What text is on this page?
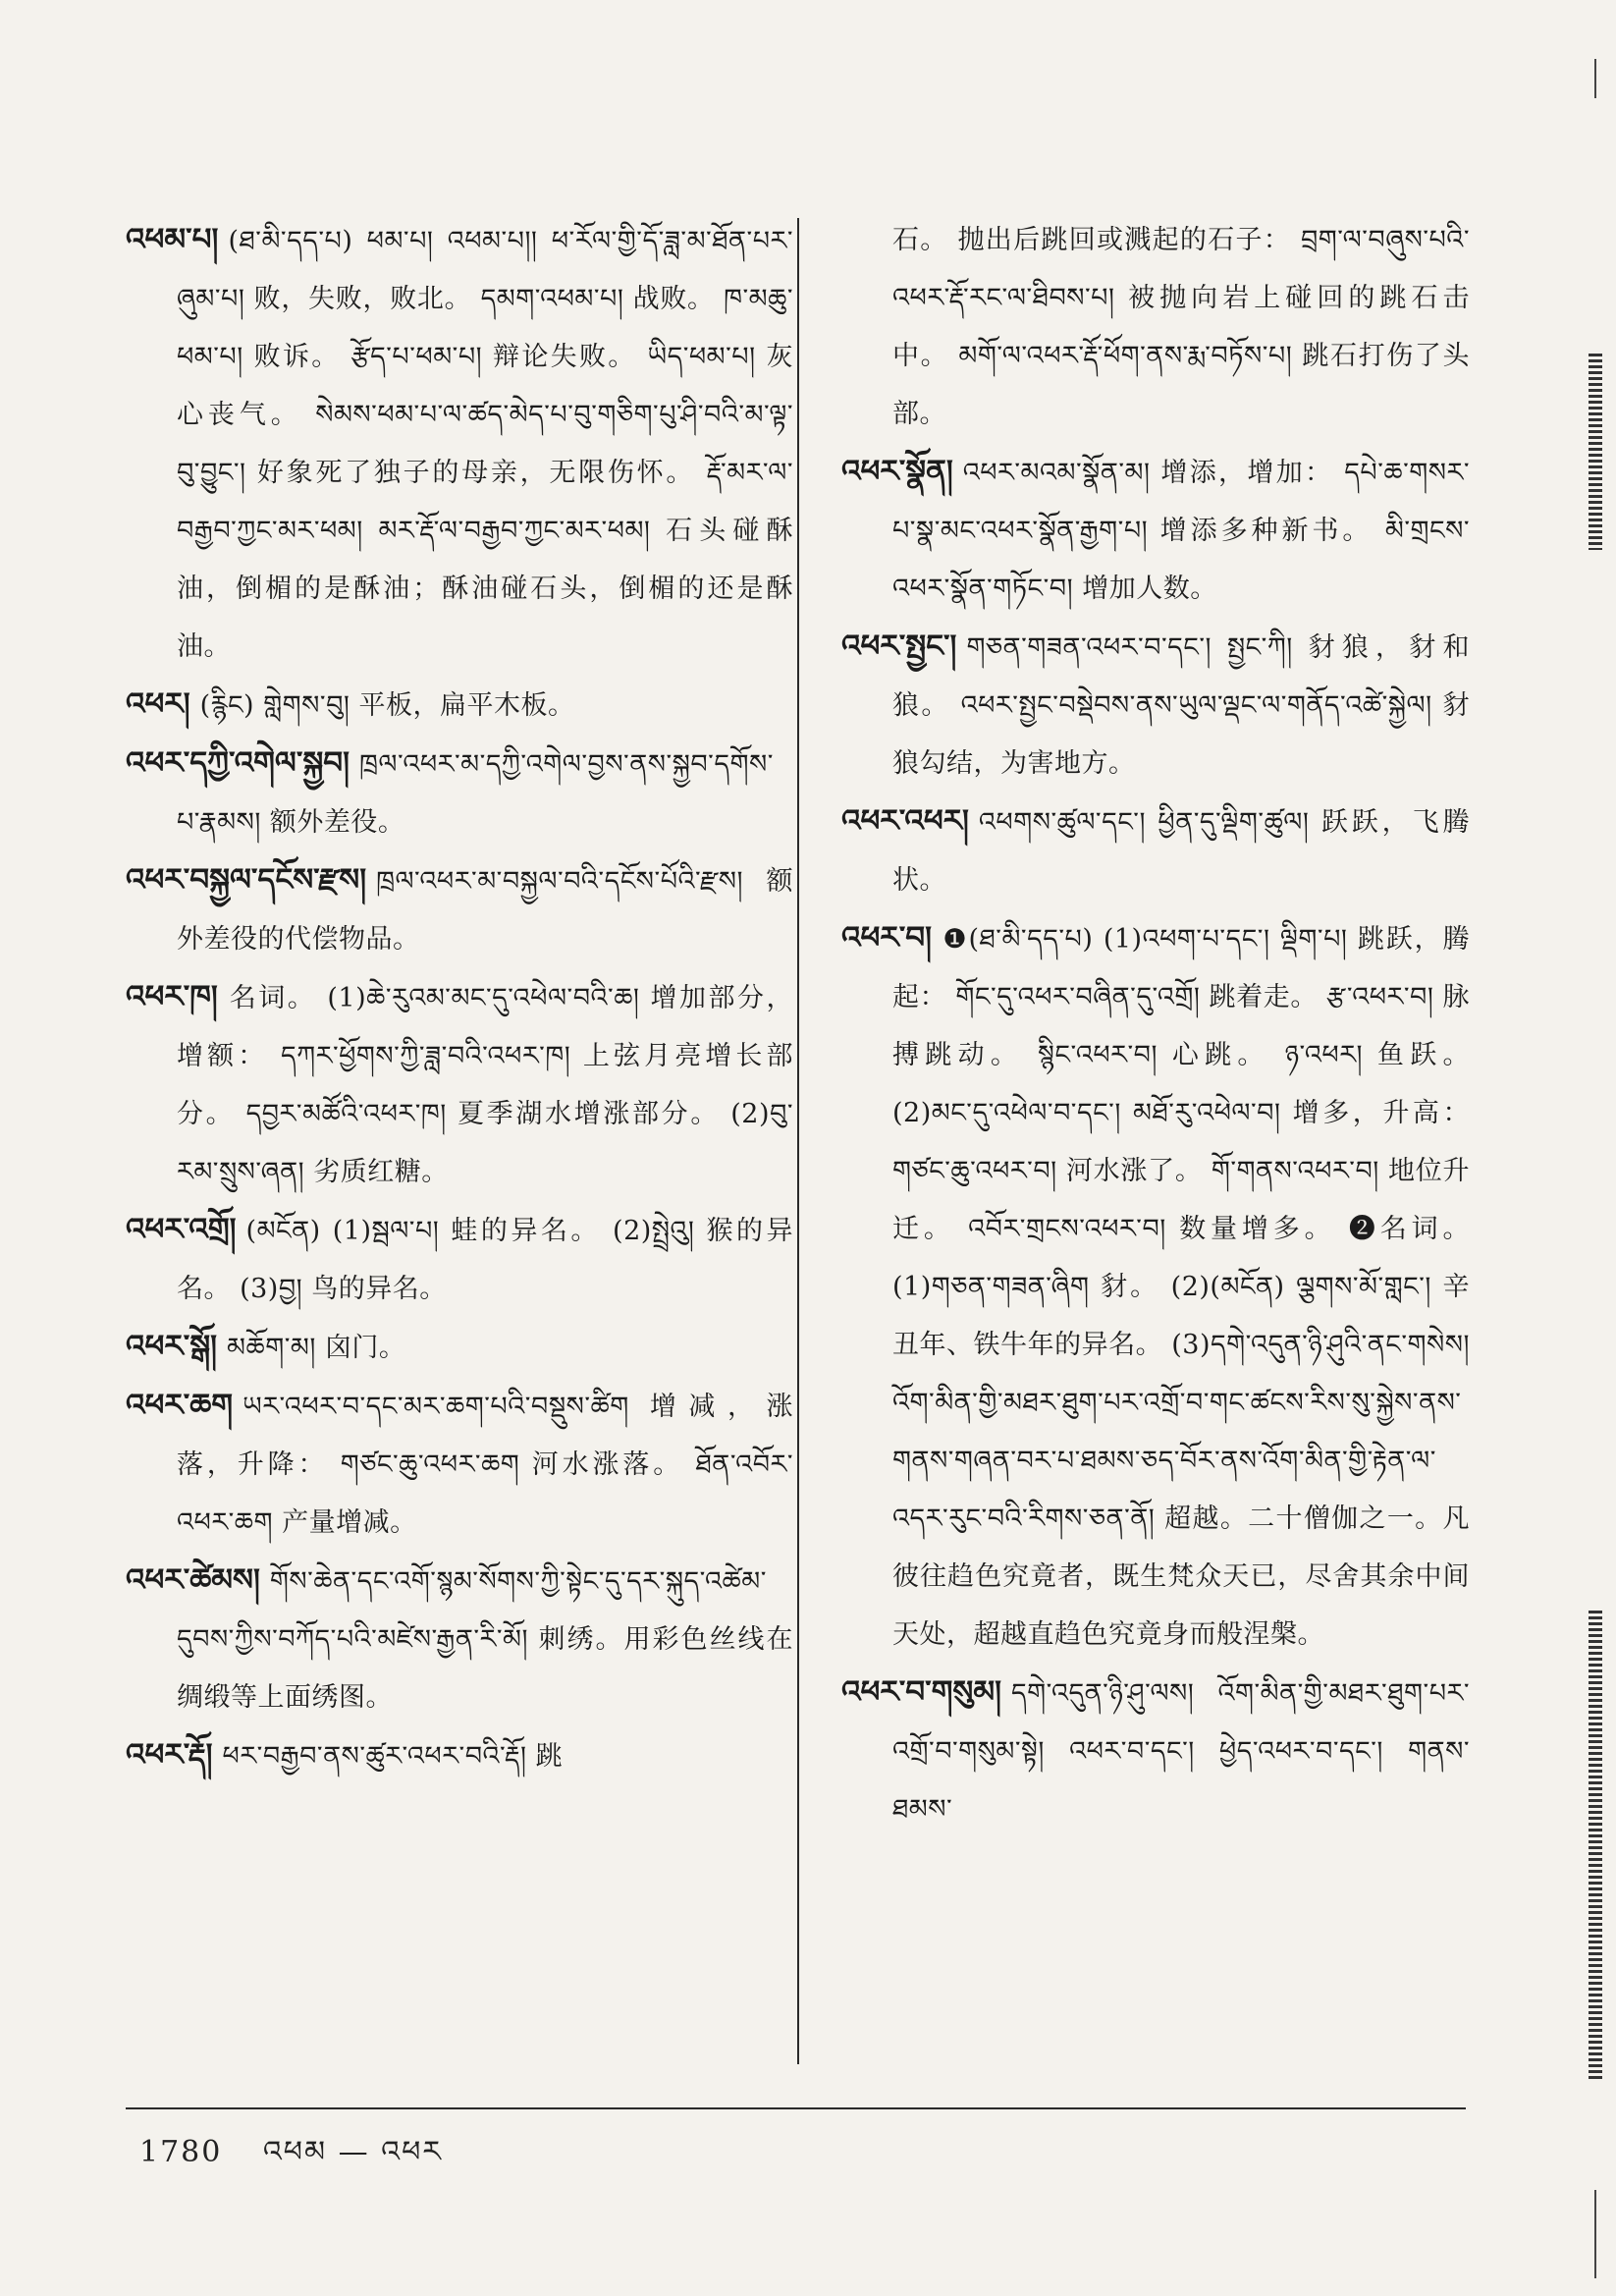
འཕམ་པ། (ཐ་མི་དད་པ) ཕམ་པ། འཕམ་པ།། ཕ་རོལ་གྱི་དོ་ཟླ་མ་ཐོན་པར་ཞུམ་པ། 败，失败，败北。 དམག་འཕམ་པ། 战败。 ཁ་མཆུ་ཕམ་པ། 败诉。 རྩོད་པ་ཕམ་པ། 辩论失败。 ཡིད་ཕམ་པ། 灰心丧气。 སེམས་ཕམ་པ་ལ་ཚད་མེད་པ་བུ་གཅིག་པུ་ཤི་བའི་མ་ལྟ་བུ་བྱུང་། 好象死了独子的母亲，无限伤怀。 རྡོ་མར་ལ་བརྒྱབ་ཀྱང་མར་ཕམ། མར་རྡོ་ལ་བརྒྱབ་ཀྱང་མར་ཕམ། 石头碰酥油，倒楣的是酥油；酥油碰石头，倒楣的还是酥油。

འཕར། (རྙིང) གླེགས་བུ། 平板，扁平木板。

འཕར་དཀྱི་འགེལ་སྐྱབ། ཁྲལ་འཕར་མ་དཀྱི་འགེལ་བྱས་ནས་སྐྱབ་དགོས་པ་རྣམས། 额外差役。

འཕར་བསྐྱལ་དངོས་རྫས། ཁྲལ་འཕར་མ་བསྐྱལ་བའི་དངོས་པོའི་རྫས། 额外差役的代偿物品。

འཕར་ཁ། 名词。 (1)ཆེ་རུའམ་མང་དུ་འཕེལ་བའི་ཆ། 增加部分，增额： དཀར་ཕྱོགས་ཀྱི་ཟླ་བའི་འཕར་ཁ། 上弦月亮增长部分。 དབྱར་མཚོའི་འཕར་ཁ། 夏季湖水增涨部分。 (2)བུ་རམ་སྲུས་ཞན། 劣质红糖。

འཕར་འགྲོ། (མངོན) (1)སྦལ་པ། 蛙的异名。 (2)སྤྲེའུ། 猴的异名。 (3)བྱ། 鸟的异名。

འཕར་སྒོ། མཆོག་མ། 囟门。

འཕར་ཆག ཡར་འཕར་བ་དང་མར་ཆག་པའི་བསྡུས་ཚིག 增减，涨落，升降： གཙང་ཆུ་འཕར་ཆག 河水涨落。 ཐོན་འབོར་འཕར་ཆག 产量增减。

འཕར་ཚེམས། གོས་ཆེན་དང་འགོ་སྙམ་སོགས་ཀྱི་སྟེང་དུ་དར་སྐུད་འཚེམ་དུབས་ཀྱིས་བཀོད་པའི་མཛེས་རྒྱན་རི་མོ། 刺绣。用彩色丝线在绸缎等上面绣图。

འཕར་རྡོ། ཕར་བརྒྱབ་ནས་ཚུར་འཕར་བའི་རྡོ། 跳

石。 抛出后跳回或溅起的石子： བྲག་ལ་བཞུས་པའི་འཕར་རྡོ་རང་ལ་ཐིབས་པ། 被抛向岩上碰回的跳石击中。 མགོ་ལ་འཕར་རྡོ་ཕོག་ནས་རྨ་བཏོས་པ། 跳石打伤了头部。

འཕར་སྣོན། འཕར་མའམ་སྣོན་མ། 增添，增加： དཔེ་ཆ་གསར་པ་སྣ་མང་འཕར་སྣོན་རྒྱག་པ། 增添多种新书。 མི་གྲངས་འཕར་སྣོན་གཏོང་བ། 增加人数。

འཕར་སྤྱང་། གཅན་གཟན་འཕར་བ་དང་། སྤྱང་ཀི། 豺狼，豺和狼。 འཕར་སྤྱང་བསྡེབས་ནས་ཡུལ་ལྡང་ལ་གནོད་འཚེ་སྐྱེལ། 豺狼勾结，为害地方。

འཕར་འཕར། འཕགས་ཚུལ་དང་། ཕྱིན་དུ་ལྡིག་ཚུལ། 跃跃，飞腾状。

འཕར་བ། ❶(ཐ་མི་དད་པ) (1)འཕག་པ་དང་། ལྡིག་པ། 跳跃，腾起： གོང་དུ་འཕར་བཞིན་དུ་འགྲོ། 跳着走。 རྩ་འཕར་བ། 脉搏跳动。 སྙིང་འཕར་བ། 心跳。 ཉ་འཕར། 鱼跃。 (2)མང་དུ་འཕེལ་བ་དང་། མཐོ་རུ་འཕེལ་བ། 增多，升高： གཙང་ཆུ་འཕར་བ། 河水涨了。 གོ་གནས་འཕར་བ། 地位升迁。 འབོར་གྲངས་འཕར་བ། 数量增多。 ❷名词。 (1)གཅན་གཟན་ཞིག 豺。 (2)(མངོན) ལྕགས་མོ་གླང་། 辛丑年、铁牛年的异名。 (3)དགེ་འདུན་ཉི་ཤུའི་ནང་གསེས། འོག་མིན་གྱི་མཐར་ཐུག་པར་འགྲོ་བ་གང་ཚངས་རིས་སུ་སྐྱེས་ནས་གནས་གཞན་བར་པ་ཐམས་ཅད་བོར་ནས་འོག་མིན་གྱི་རྟེན་ལ་འདར་རུང་བའི་རིགས་ཅན་ནོ། 超越。二十僧伽之一。凡彼往趋色究竟者，既生梵众天已，尽舍其余中间天处，超越直趋色究竟身而般涅槃。

འཕར་བ་གསུམ། དགེ་འདུན་ཉི་ཤུ་ལས། འོག་མིན་གྱི་མཐར་ཐུག་པར་འགྲོ་བ་གསུམ་སྟེ། འཕར་བ་དང་། ཕྱེད་འཕར་བ་དང་། གནས་ཐམས་

1780 འཕམ — འཕར
